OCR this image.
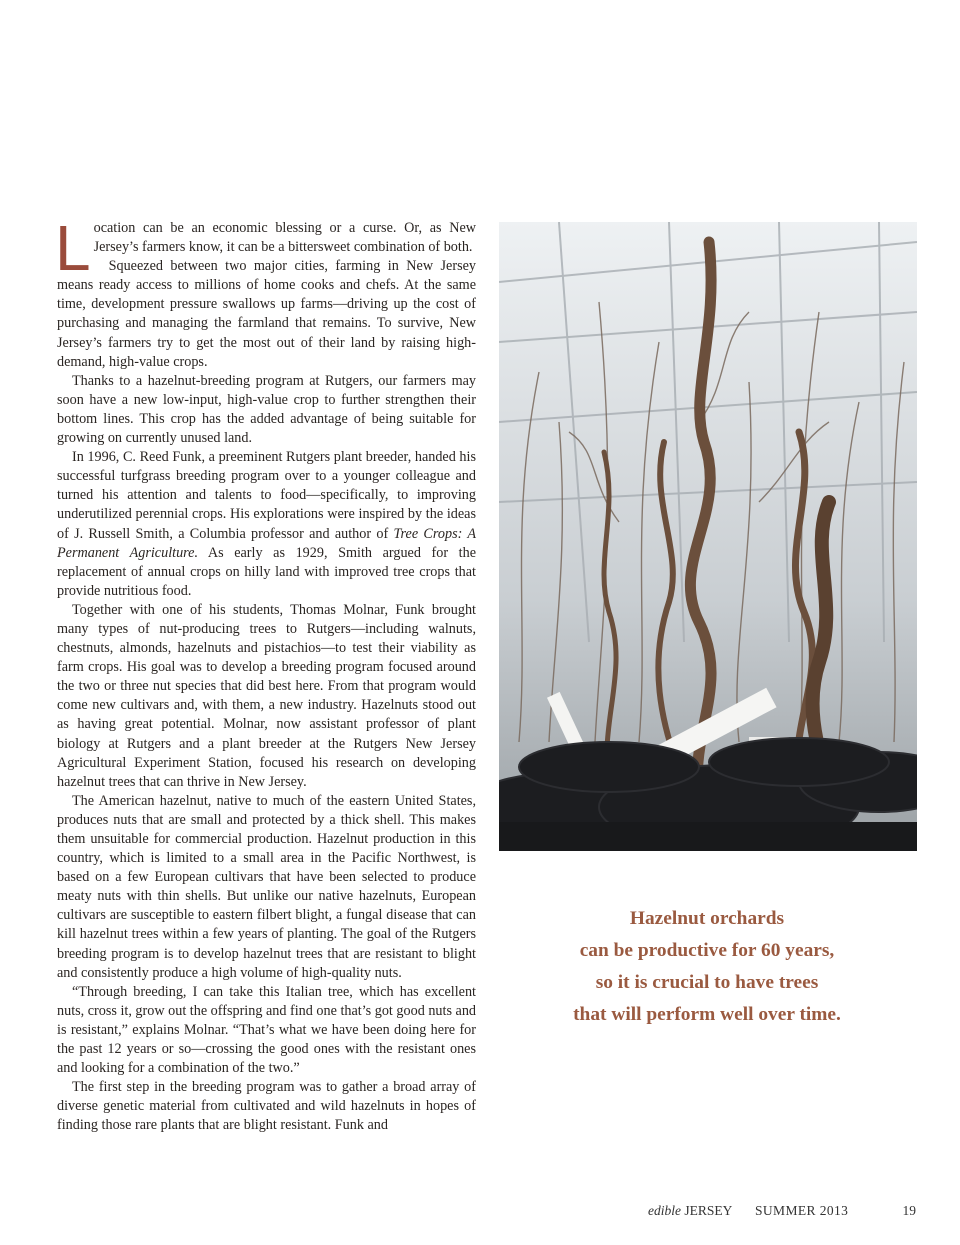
Location can be an economic blessing or a curse. Or, as New Jersey’s farmers know, it can be a bittersweet combination of both.

Squeezed between two major cities, farming in New Jersey means ready access to millions of home cooks and chefs. At the same time, development pressure swallows up farms—driving up the cost of purchasing and managing the farmland that remains. To survive, New Jersey’s farmers try to get the most out of their land by raising high-demand, high-value crops.

Thanks to a hazelnut-breeding program at Rutgers, our farmers may soon have a new low-input, high-value crop to further strengthen their bottom lines. This crop has the added advantage of being suitable for growing on currently unused land.

In 1996, C. Reed Funk, a preeminent Rutgers plant breeder, handed his successful turfgrass breeding program over to a younger colleague and turned his attention and talents to food—specifically, to improving underutilized perennial crops. His explorations were inspired by the ideas of J. Russell Smith, a Columbia professor and author of Tree Crops: A Permanent Agriculture. As early as 1929, Smith argued for the replacement of annual crops on hilly land with improved tree crops that provide nutritious food.

Together with one of his students, Thomas Molnar, Funk brought many types of nut-producing trees to Rutgers—including walnuts, chestnuts, almonds, hazelnuts and pistachios—to test their viability as farm crops. His goal was to develop a breeding program focused around the two or three nut species that did best here. From that program would come new cultivars and, with them, a new industry. Hazelnuts stood out as having great potential. Molnar, now assistant professor of plant biology at Rutgers and a plant breeder at the Rutgers New Jersey Agricultural Experiment Station, focused his research on developing hazelnut trees that can thrive in New Jersey.

The American hazelnut, native to much of the eastern United States, produces nuts that are small and protected by a thick shell. This makes them unsuitable for commercial production. Hazelnut production in this country, which is limited to a small area in the Pacific Northwest, is based on a few European cultivars that have been selected to produce meaty nuts with thin shells. But unlike our native hazelnuts, European cultivars are susceptible to eastern filbert blight, a fungal disease that can kill hazelnut trees within a few years of planting. The goal of the Rutgers breeding program is to develop hazelnut trees that are resistant to blight and consistently produce a high volume of high-quality nuts.

“Through breeding, I can take this Italian tree, which has excellent nuts, cross it, grow out the offspring and find one that’s got good nuts and is resistant,” explains Molnar. “That’s what we have been doing here for the past 12 years or so—crossing the good ones with the resistant ones and looking for a combination of the two.”

The first step in the breeding program was to gather a broad array of diverse genetic material from cultivated and wild hazelnuts in hopes of finding those rare plants that are blight resistant. Funk and

Hazelnut orchards
can be productive for 60 years,
so it is crucial to have trees
that will perform well over time.
edible JERSEY SUMMER 2013	19
